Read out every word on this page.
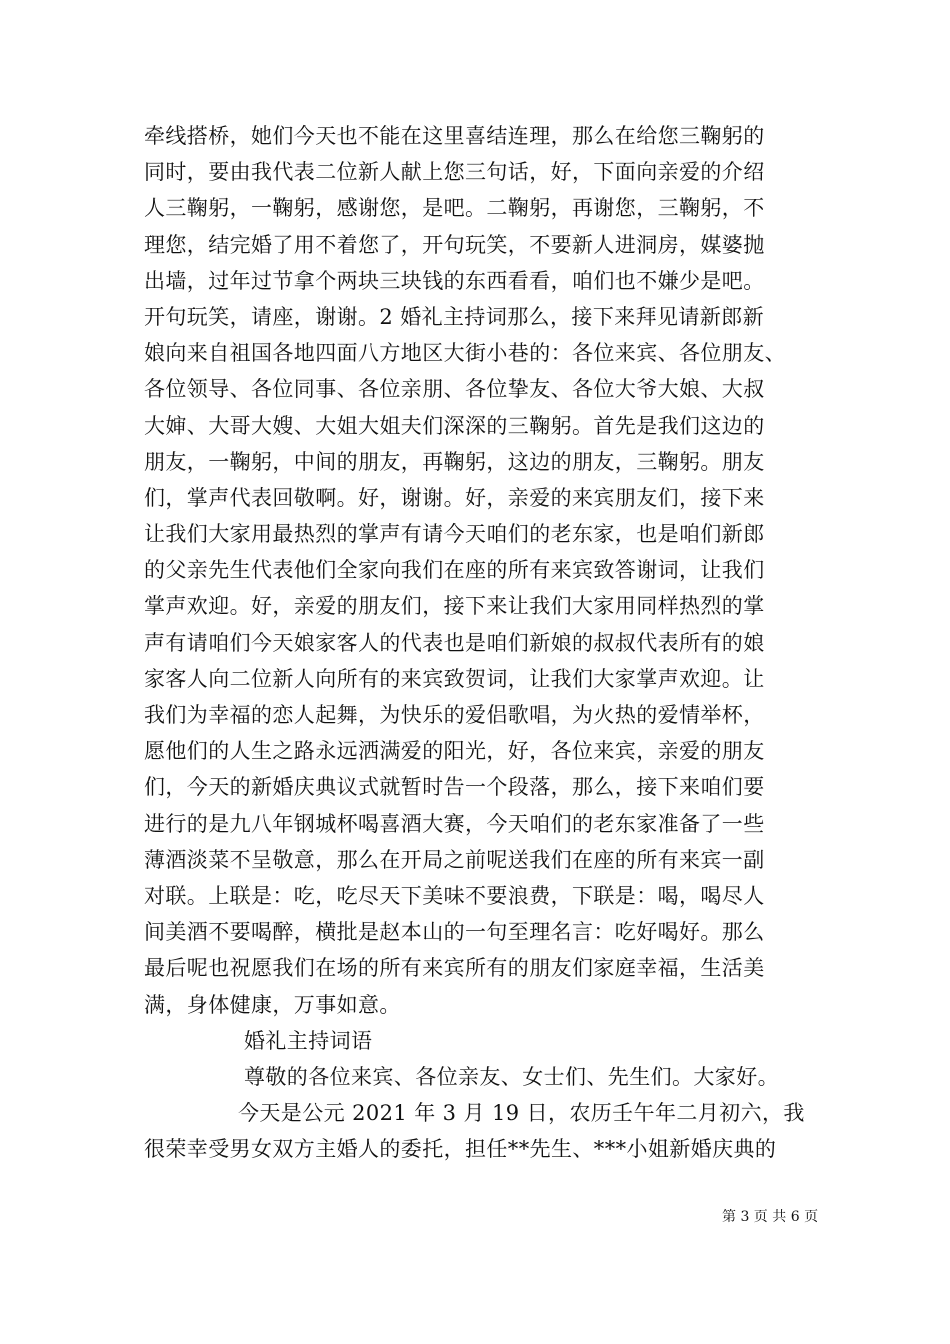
牵线搭桥，她们今天也不能在这里喜结连理，那么在给您三鞠躬的
同时，要由我代表二位新人献上您三句话，好，下面向亲爱的介绍
人三鞠躬，一鞠躬，感谢您，是吧。二鞠躬，再谢您，三鞠躬，不
理您，结完婚了用不着您了，开句玩笑，不要新人进洞房，媒婆抛
出墙，过年过节拿个两块三块钱的东西看看，咱们也不嫌少是吧。
开句玩笑，请座，谢谢。2 婚礼主持词那么，接下来拜见请新郎新
娘向来自祖国各地四面八方地区大街小巷的：各位来宾、各位朋友、
各位领导、各位同事、各位亲朋、各位挚友、各位大爷大娘、大叔
大婶、大哥大嫂、大姐大姐夫们深深的三鞠躬。首先是我们这边的
朋友，一鞠躬，中间的朋友，再鞠躬，这边的朋友，三鞠躬。朋友
们，掌声代表回敬啊。好，谢谢。好，亲爱的来宾朋友们，接下来
让我们大家用最热烈的掌声有请今天咱们的老东家，也是咱们新郎
的父亲先生代表他们全家向我们在座的所有来宾致答谢词，让我们
掌声欢迎。好，亲爱的朋友们，接下来让我们大家用同样热烈的掌
声有请咱们今天娘家客人的代表也是咱们新娘的叔叔代表所有的娘
家客人向二位新人向所有的来宾致贺词，让我们大家掌声欢迎。让
我们为幸福的恋人起舞，为快乐的爱侣歌唱，为火热的爱情举杯，
愿他们的人生之路永远洒满爱的阳光，好，各位来宾，亲爱的朋友
们，今天的新婚庆典议式就暂时告一个段落，那么，接下来咱们要
进行的是九八年钢城杯喝喜酒大赛，今天咱们的老东家准备了一些
薄酒淡菜不呈敬意，那么在开局之前呢送我们在座的所有来宾一副
对联。上联是：吃，吃尽天下美味不要浪费，下联是：喝，喝尽人
间美酒不要喝醉，横批是赵本山的一句至理名言：吃好喝好。那么
最后呢也祝愿我们在场的所有来宾所有的朋友们家庭幸福，生活美
满，身体健康，万事如意。
婚礼主持词语
尊敬的各位来宾、各位亲友、女士们、先生们。大家好。
今天是公元 2021 年 3 月 19 日，农历壬午年二月初六，我
很荣幸受男女双方主婚人的委托，担任**先生、***小姐新婚庆典的
第 3 页 共 6 页
